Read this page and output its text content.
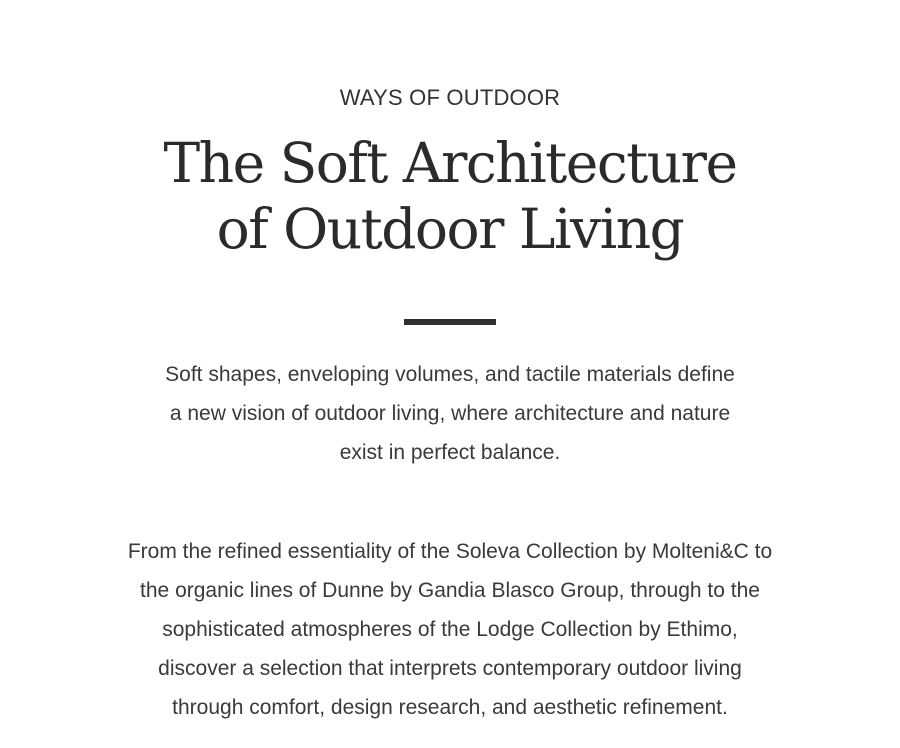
WAYS OF OUTDOOR
The Soft Architecture
of Outdoor Living

Soft shapes, enveloping volumes, and tactile materials define
a new vision of outdoor living, where architecture and nature
exist in perfect balance.

From the refined essentiality of the Soleva Collection by Molteni&C to
the organic lines of Dunne by Gandia Blasco Group, through to the
sophisticated atmospheres of the Lodge Collection by Ethimo,
discover a selection that interprets contemporary outdoor living
through comfort, design research, and aesthetic refinement.
